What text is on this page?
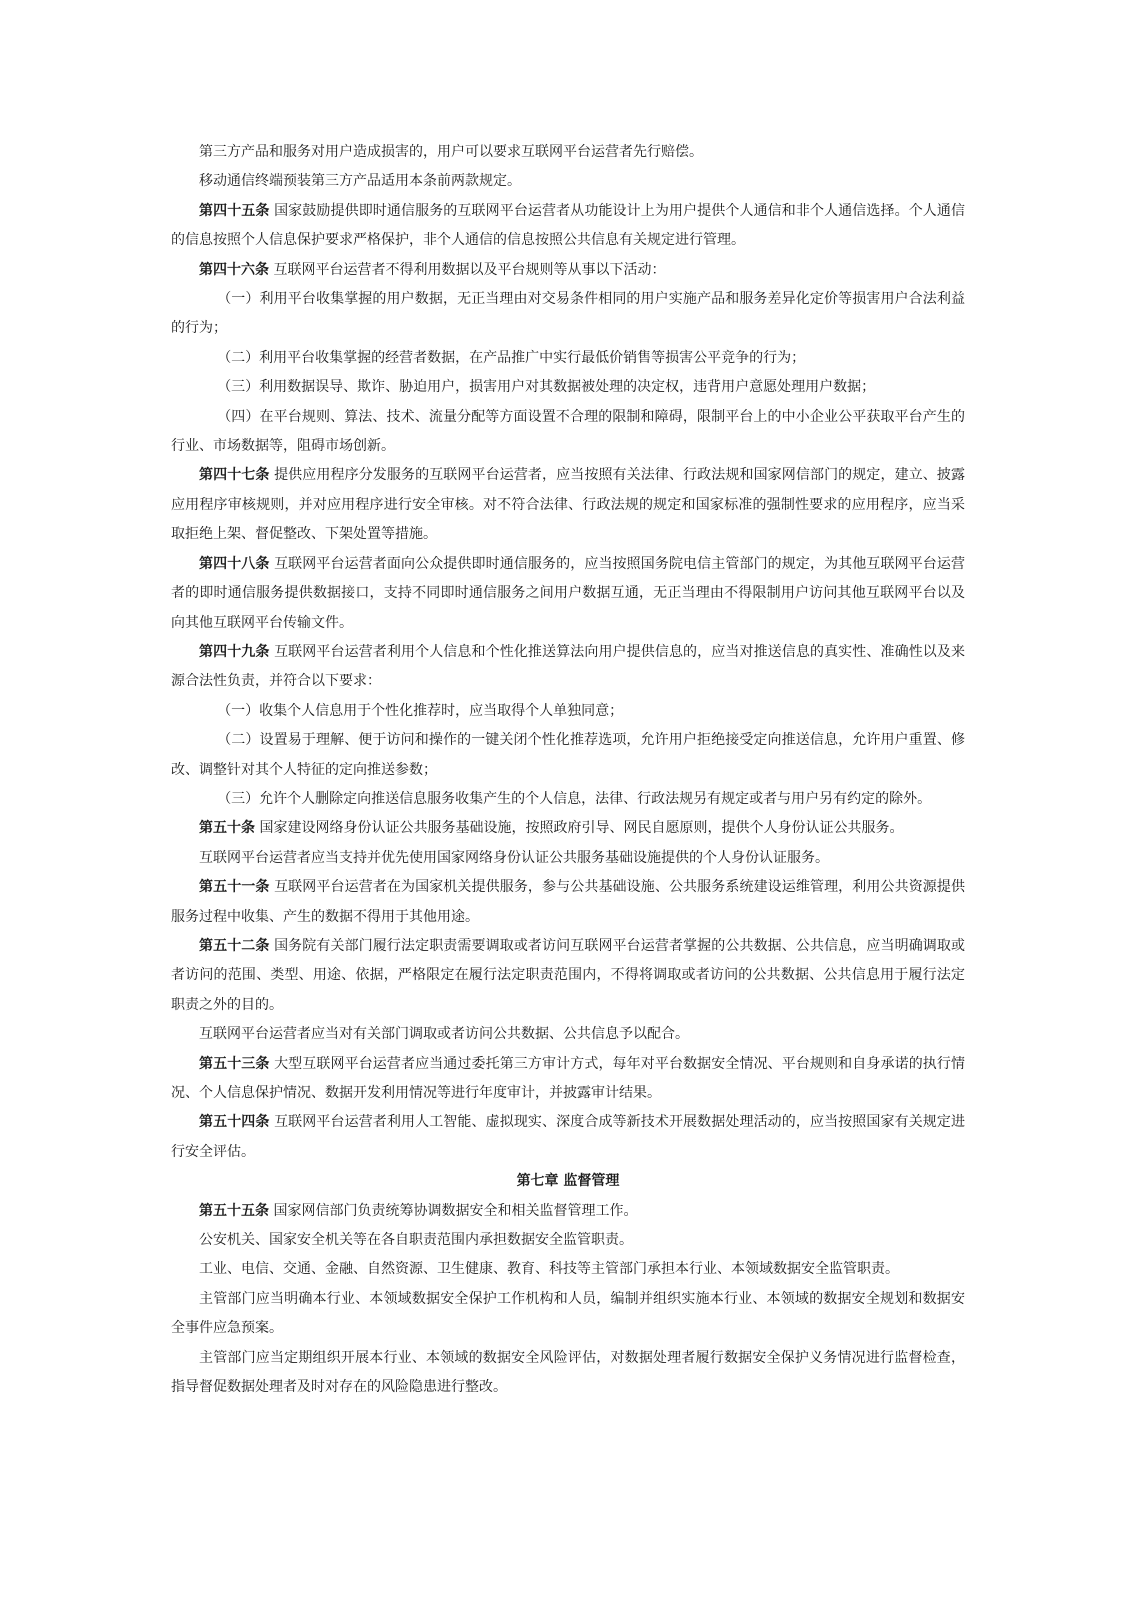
第三方产品和服务对用户造成损害的，用户可以要求互联网平台运营者先行赔偿。

移动通信终端预装第三方产品适用本条前两款规定。

第四十五条 国家鼓励提供即时通信服务的互联网平台运营者从功能设计上为用户提供个人通信和非个人通信选择。个人通信的信息按照个人信息保护要求严格保护，非个人通信的信息按照公共信息有关规定进行管理。

第四十六条 互联网平台运营者不得利用数据以及平台规则等从事以下活动：

（一）利用平台收集掌握的用户数据，无正当理由对交易条件相同的用户实施产品和服务差异化定价等损害用户合法利益的行为；

（二）利用平台收集掌握的经营者数据，在产品推广中实行最低价销售等损害公平竞争的行为；

（三）利用数据误导、欺诈、胁迫用户，损害用户对其数据被处理的决定权，违背用户意愿处理用户数据；

（四）在平台规则、算法、技术、流量分配等方面设置不合理的限制和障碍，限制平台上的中小企业公平获取平台产生的行业、市场数据等，阻碍市场创新。

第四十七条 提供应用程序分发服务的互联网平台运营者，应当按照有关法律、行政法规和国家网信部门的规定，建立、披露应用程序审核规则，并对应用程序进行安全审核。对不符合法律、行政法规的规定和国家标准的强制性要求的应用程序，应当采取拒绝上架、督促整改、下架处置等措施。

第四十八条 互联网平台运营者面向公众提供即时通信服务的，应当按照国务院电信主管部门的规定，为其他互联网平台运营者的即时通信服务提供数据接口，支持不同即时通信服务之间用户数据互通，无正当理由不得限制用户访问其他互联网平台以及向其他互联网平台传输文件。

第四十九条 互联网平台运营者利用个人信息和个性化推送算法向用户提供信息的，应当对推送信息的真实性、准确性以及来源合法性负责，并符合以下要求：

（一）收集个人信息用于个性化推荐时，应当取得个人单独同意；

（二）设置易于理解、便于访问和操作的一键关闭个性化推荐选项，允许用户拒绝接受定向推送信息，允许用户重置、修改、调整针对其个人特征的定向推送参数；

（三）允许个人删除定向推送信息服务收集产生的个人信息，法律、行政法规另有规定或者与用户另有约定的除外。

第五十条 国家建设网络身份认证公共服务基础设施，按照政府引导、网民自愿原则，提供个人身份认证公共服务。

互联网平台运营者应当支持并优先使用国家网络身份认证公共服务基础设施提供的个人身份认证服务。

第五十一条 互联网平台运营者在为国家机关提供服务，参与公共基础设施、公共服务系统建设运维管理，利用公共资源提供服务过程中收集、产生的数据不得用于其他用途。

第五十二条 国务院有关部门履行法定职责需要调取或者访问互联网平台运营者掌握的公共数据、公共信息，应当明确调取或者访问的范围、类型、用途、依据，严格限定在履行法定职责范围内，不得将调取或者访问的公共数据、公共信息用于履行法定职责之外的目的。

互联网平台运营者应当对有关部门调取或者访问公共数据、公共信息予以配合。

第五十三条 大型互联网平台运营者应当通过委托第三方审计方式，每年对平台数据安全情况、平台规则和自身承诺的执行情况、个人信息保护情况、数据开发利用情况等进行年度审计，并披露审计结果。

第五十四条 互联网平台运营者利用人工智能、虚拟现实、深度合成等新技术开展数据处理活动的，应当按照国家有关规定进行安全评估。

第七章 监督管理

第五十五条 国家网信部门负责统筹协调数据安全和相关监督管理工作。

公安机关、国家安全机关等在各自职责范围内承担数据安全监管职责。

工业、电信、交通、金融、自然资源、卫生健康、教育、科技等主管部门承担本行业、本领域数据安全监管职责。

主管部门应当明确本行业、本领域数据安全保护工作机构和人员，编制并组织实施本行业、本领域的数据安全规划和数据安全事件应急预案。

主管部门应当定期组织开展本行业、本领域的数据安全风险评估，对数据处理者履行数据安全保护义务情况进行监督检查，指导督促数据处理者及时对存在的风险隐患进行整改。
